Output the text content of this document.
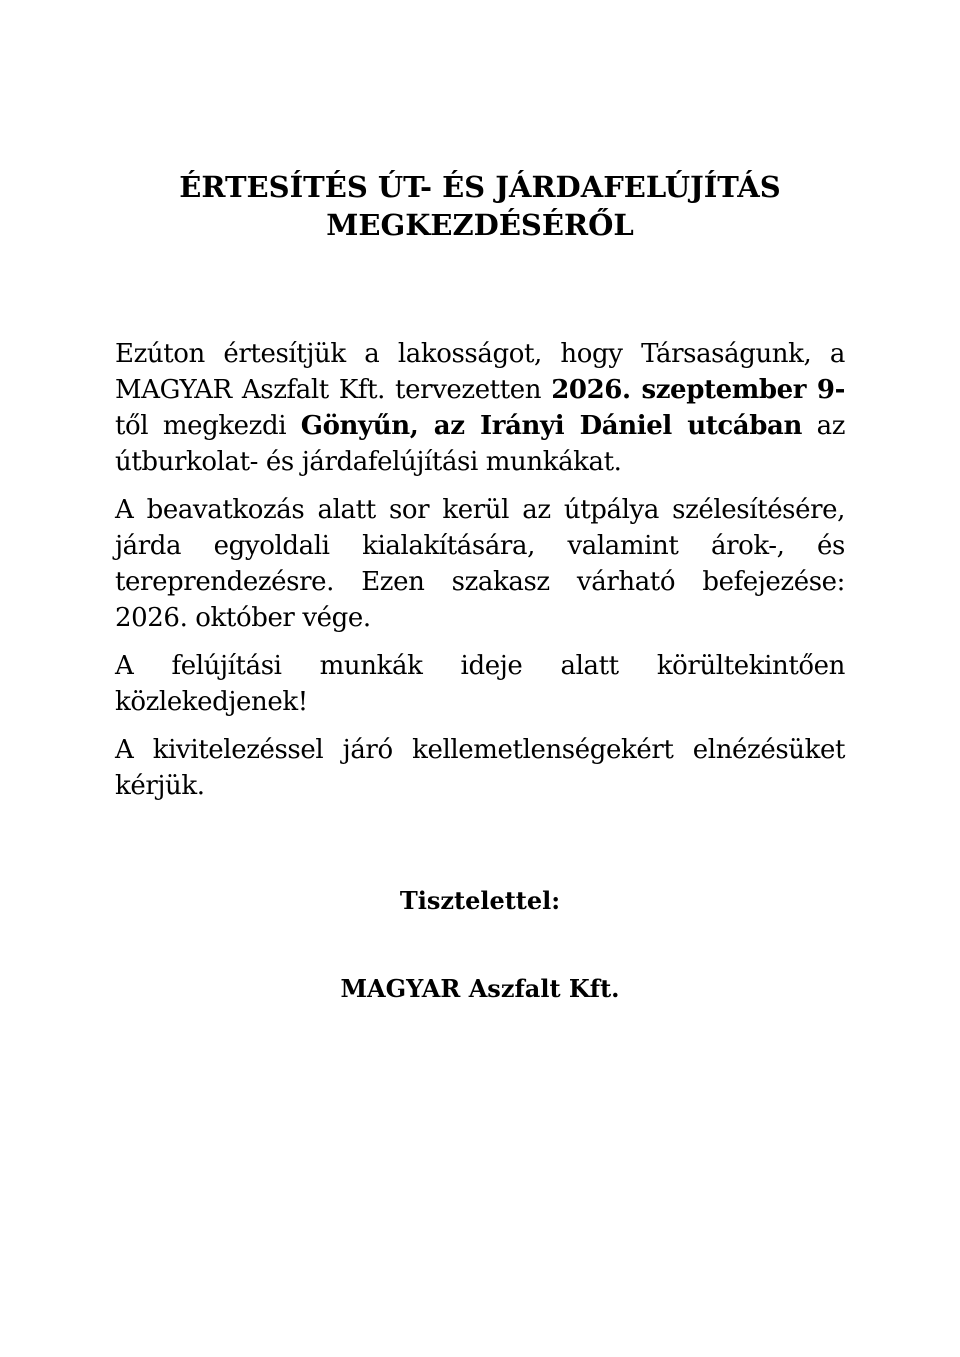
ÉRTESÍTÉS ÚT- ÉS JÁRDAFELÚJÍTÁS
MEGKEZDÉSÉRŐL

Ezúton értesítjük a lakosságot, hogy Társaságunk, a MAGYAR Aszfalt Kft. tervezetten 2026. szeptember 9-től megkezdi Gönyűn, az Irányi Dániel utcában az útburkolat- és járdafelújítási munkákat.

A beavatkozás alatt sor kerül az útpálya szélesítésére, járda egyoldali kialakítására, valamint árok-, és tereprendezésre. Ezen szakasz várható befejezése: 2026. október vége.

A felújítási munkák ideje alatt körültekintően közlekedjenek!

A kivitelezéssel járó kellemetlenségekért elnézésüket kérjük.

Tisztelettel:

MAGYAR Aszfalt Kft.
